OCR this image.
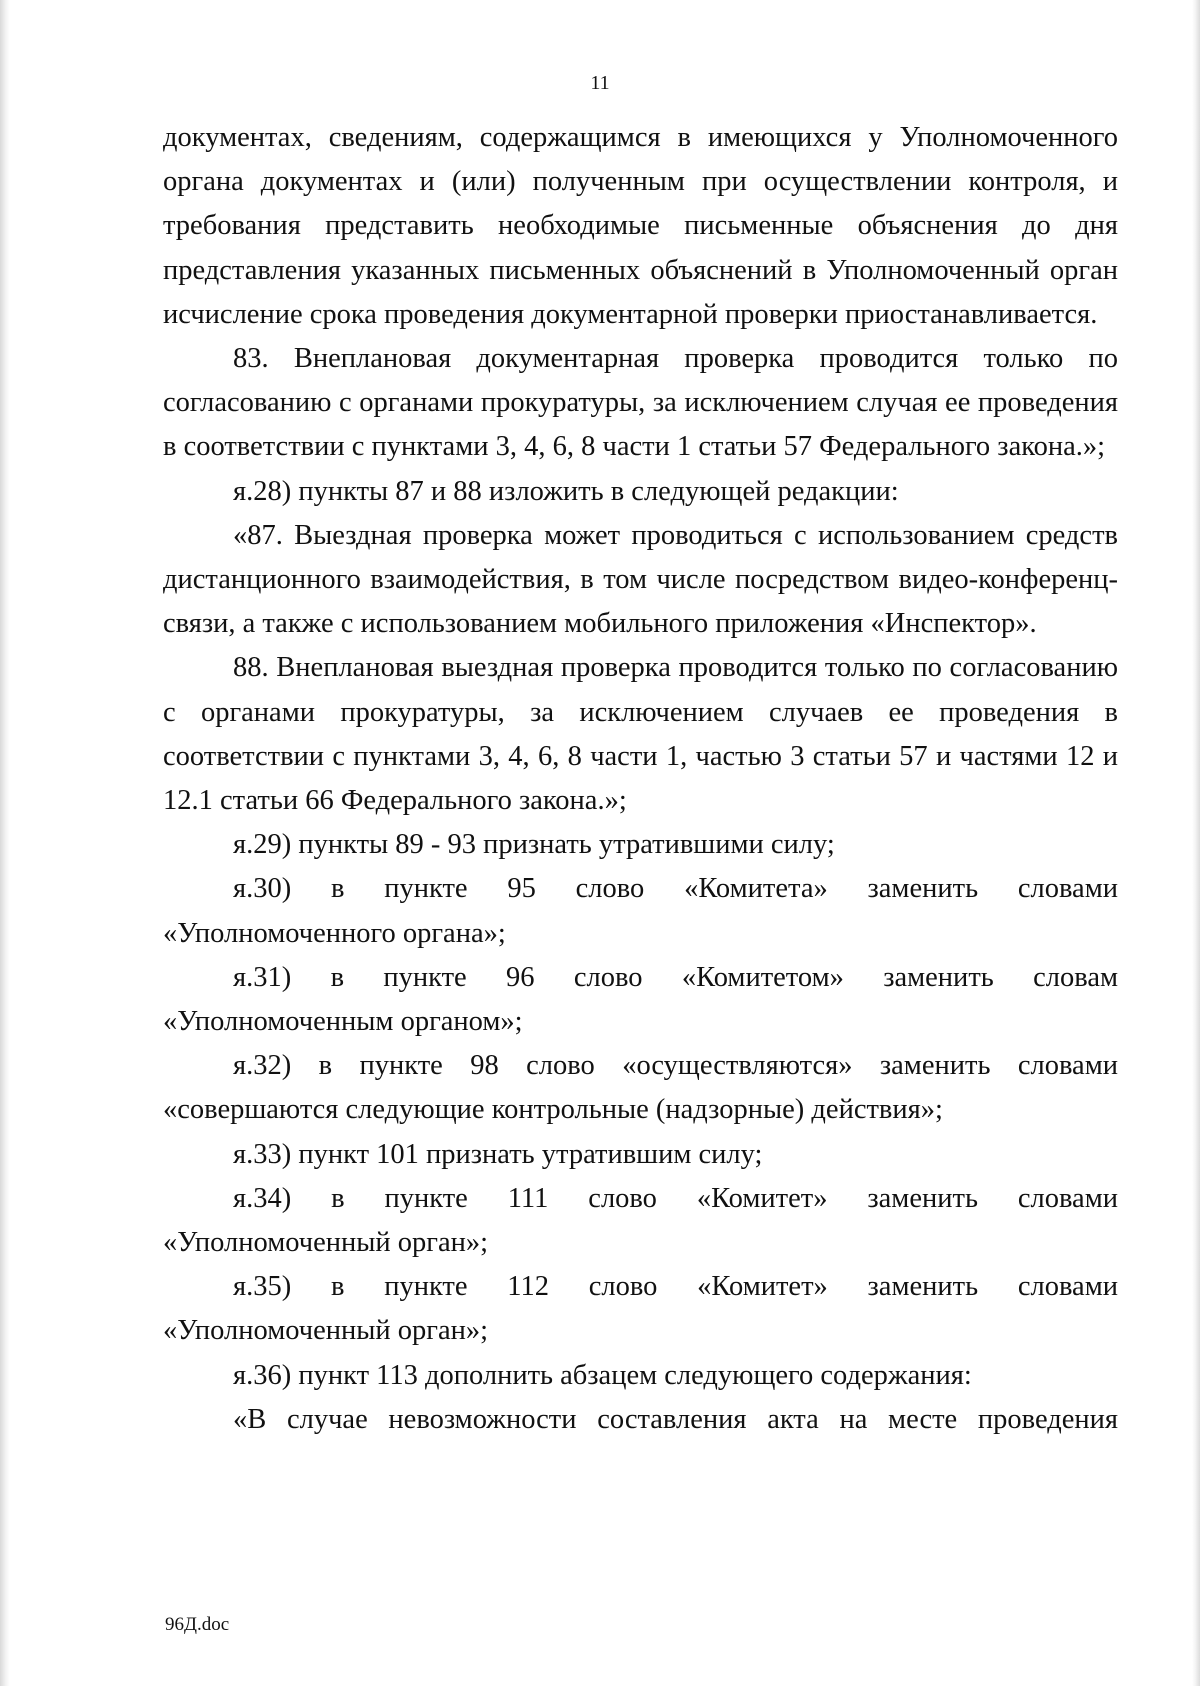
11

документах, сведениям, содержащимся в имеющихся у Уполномоченного органа документах и (или) полученным при осуществлении контроля, и требования представить необходимые письменные объяснения до дня представления указанных письменных объяснений в Уполномоченный орган исчисление срока проведения документарной проверки приостанавливается.

83. Внеплановая документарная проверка проводится только по согласованию с органами прокуратуры, за исключением случая ее проведения в соответствии с пунктами 3, 4, 6, 8 части 1 статьи 57 Федерального закона.»;

я.28) пункты 87 и 88 изложить в следующей редакции:

«87. Выездная проверка может проводиться с использованием средств дистанционного взаимодействия, в том числе посредством видео-конференц-связи, а также с использованием мобильного приложения «Инспектор».

88. Внеплановая выездная проверка проводится только по согласованию с органами прокуратуры, за исключением случаев ее проведения в соответствии с пунктами 3, 4, 6, 8 части 1, частью 3 статьи 57 и частями 12 и 12.1 статьи 66 Федерального закона.»;

я.29) пункты 89 - 93 признать утратившими силу;

я.30) в пункте 95 слово «Комитета» заменить словами «Уполномоченного органа»;

я.31) в пункте 96 слово «Комитетом» заменить словам «Уполномоченным органом»;

я.32) в пункте 98 слово «осуществляются» заменить словами «совершаются следующие контрольные (надзорные) действия»;

я.33) пункт 101 признать утратившим силу;

я.34) в пункте 111 слово «Комитет» заменить словами «Уполномоченный орган»;

я.35) в пункте 112 слово «Комитет» заменить словами «Уполномоченный орган»;

я.36) пункт 113 дополнить абзацем следующего содержания:

«В случае невозможности составления акта на месте проведения

96Д.doc
